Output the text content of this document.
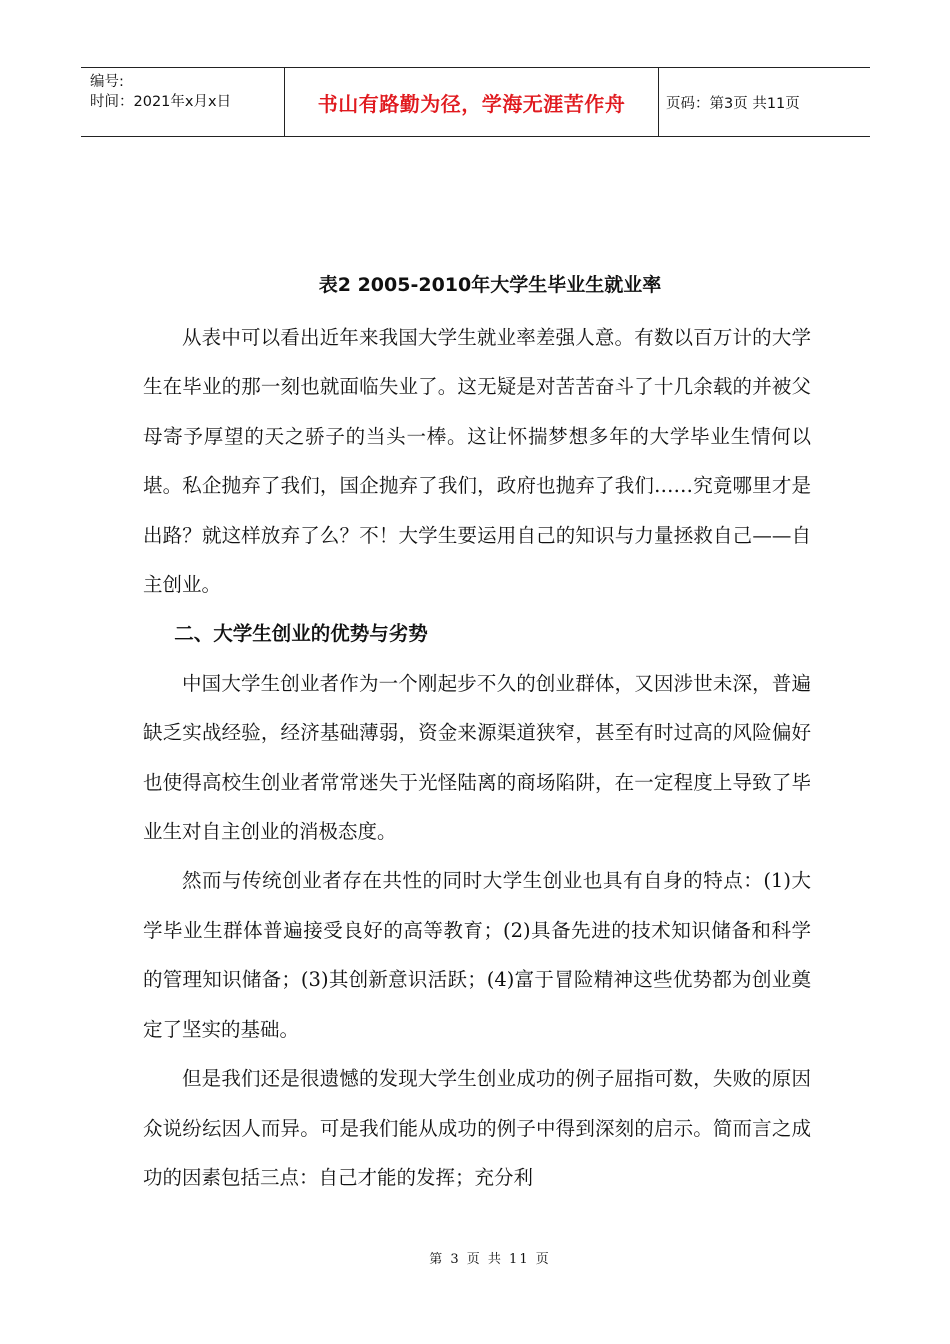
编号:
时间：2021年x月x日	书山有路勤为径，学海无涯苦作舟	页码：第3页 共11页
表2 2005-2010年大学生毕业生就业率

从表中可以看出近年来我国大学生就业率差强人意。有数以百万计的大学生在毕业的那一刻也就面临失业了。这无疑是对苦苦奋斗了十几余载的并被父母寄予厚望的天之骄子的当头一棒。这让怀揣梦想多年的大学毕业生情何以堪。私企抛弃了我们，国企抛弃了我们，政府也抛弃了我们……究竟哪里才是出路？就这样放弃了么？不！大学生要运用自己的知识与力量拯救自己——自主创业。

二、大学生创业的优势与劣势

中国大学生创业者作为一个刚起步不久的创业群体，又因涉世未深，普遍缺乏实战经验，经济基础薄弱，资金来源渠道狭窄，甚至有时过高的风险偏好也使得高校生创业者常常迷失于光怪陆离的商场陷阱，在一定程度上导致了毕业生对自主创业的消极态度。

然而与传统创业者存在共性的同时大学生创业也具有自身的特点：(1)大学毕业生群体普遍接受良好的高等教育；(2)具备先进的技术知识储备和科学的管理知识储备；(3)其创新意识活跃；(4)富于冒险精神这些优势都为创业奠定了坚实的基础。

但是我们还是很遗憾的发现大学生创业成功的例子屈指可数，失败的原因众说纷纭因人而异。可是我们能从成功的例子中得到深刻的启示。简而言之成功的因素包括三点：自己才能的发挥；充分利

第 3 页 共 11 页
